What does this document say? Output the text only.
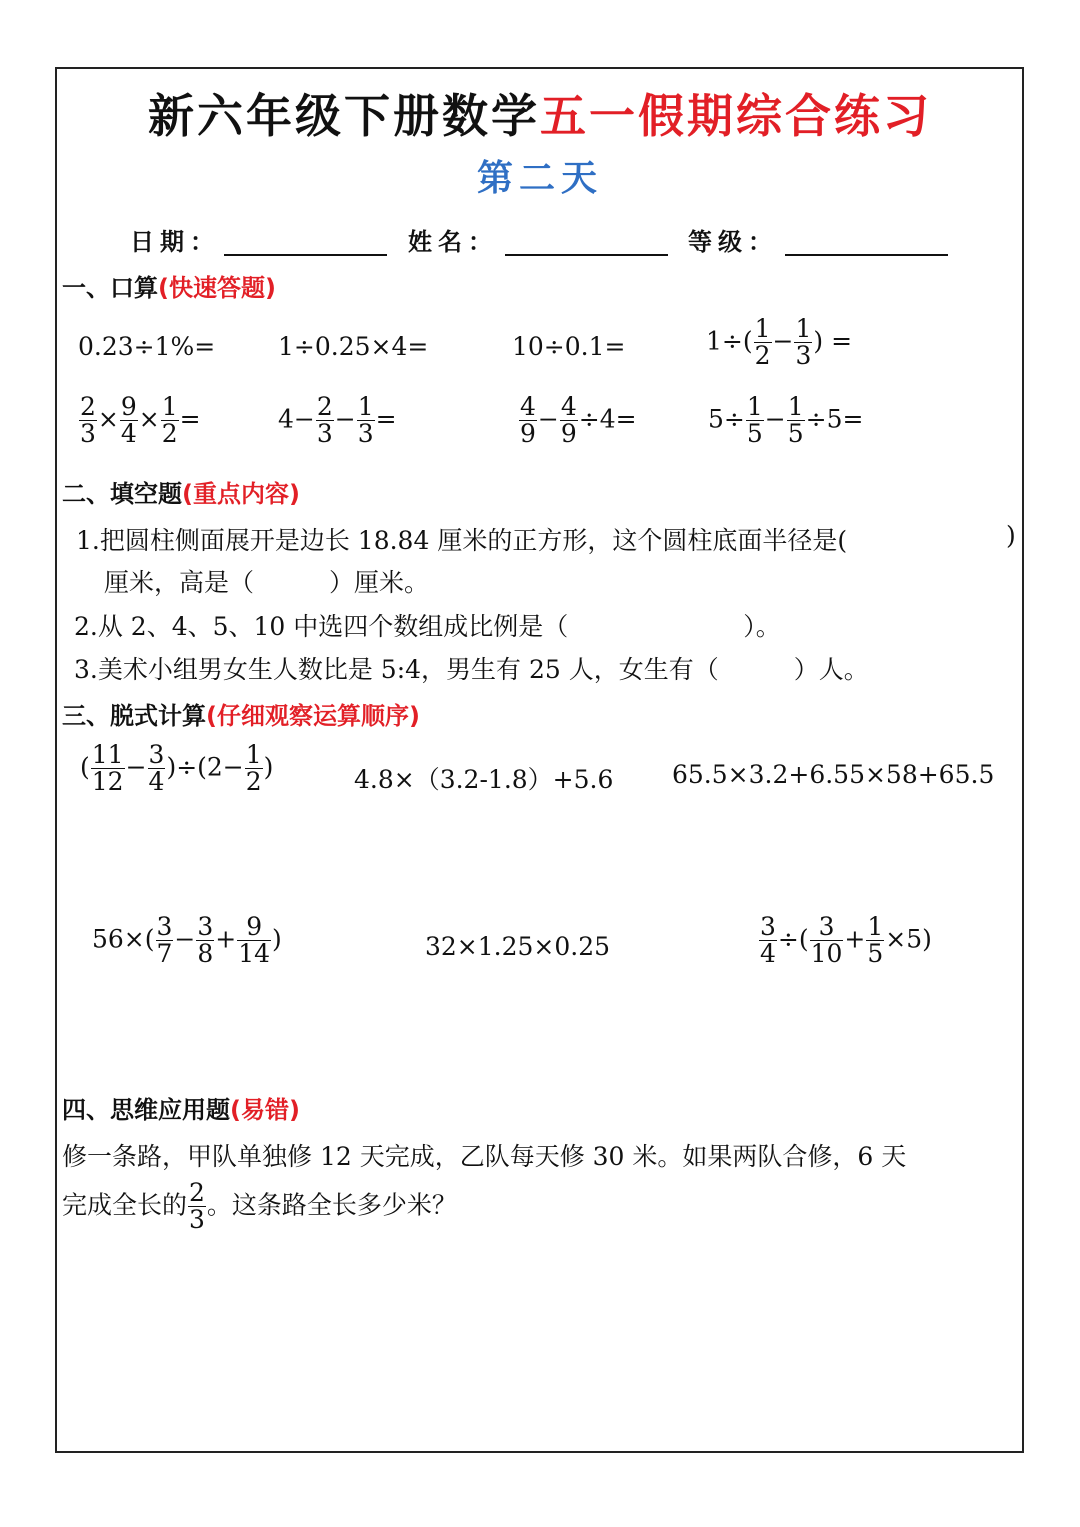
新六年级下册数学五一假期综合练习
第二天
日期：	姓名：	等级：
一、口算(快速答题)
0.23÷1%=	1÷0.25×4=	10÷0.1=	$1\div( \frac{1}{2} - \frac{1}{3}$ ) =
$\frac{2}{3} \times \frac{9}{4} \times \frac{1}{2}$ =	$4- \frac{2}{3} - \frac{1}{3}$ =	$\frac{4}{9} - \frac{4}{9} \div 4=$	$5\div \frac{1}{5} - \frac{1}{5} \div 5=$
二、填空题(重点内容)
1.把圆柱侧面展开是边长 18.84 厘米的正方形，这个圆柱底面半径是(	)
厘米，高是（　　　）厘米。
2.从 2、4、5、10 中选四个数组成比例是（　　　　　　　）。
3.美术小组男女生人数比是 5:4，男生有 25 人，女生有（　　　）人。
三、脱式计算(仔细观察运算顺序)
( $\frac{11}{12} - \frac{3}{4} )\div(2- \frac{1}{2}$ )	4.8×（3.2-1.8）+5.6 65.5×3.2+6.55×58+65.5
$56\times( \frac{3}{7} - \frac{3}{8} + \frac{9}{14}$ )	32×1.25×0.25	$\frac{3}{4}$ ÷( $\frac{3}{10} + \frac{1}{5} \times 5$)
四、思维应用题(易错)
修一条路，甲队单独修 12 天完成，乙队每天修 30 米。如果两队合修，6 天
完成全长的 $\frac{2}{3}$ 。这条路全长多少米？
